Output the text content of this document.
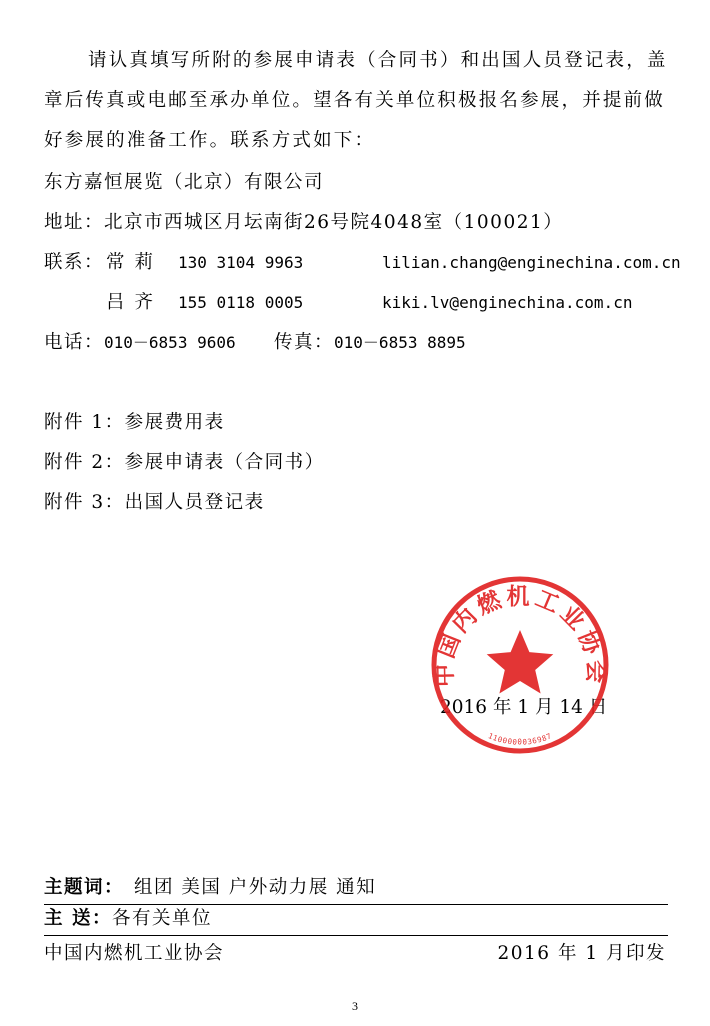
请认真填写所附的参展申请表（合同书）和出国人员登记表，盖
章后传真或电邮至承办单位。望各有关单位积极报名参展，并提前做
好参展的准备工作。联系方式如下：
东方嘉恒展览（北京）有限公司
地址：北京市西城区月坛南街26号院4048室（100021）
联系： 常莉 130 3104 9963	lilian.chang@enginechina.com.cn
吕齐 155 0118 0005	kiki.lv@enginechina.com.cn
电话：010－6853 9606 传真：010－6853 8895
附件 1：参展费用表
附件 2：参展申请表（合同书）
附件 3：出国人员登记表
2016 年 1 月 14 日
中国内燃机工业协会
1100000036987
主题词： 组团 美国 户外动力展 通知
主 送：各有关单位
中国内燃机工业协会	2016 年 1 月印发
3
